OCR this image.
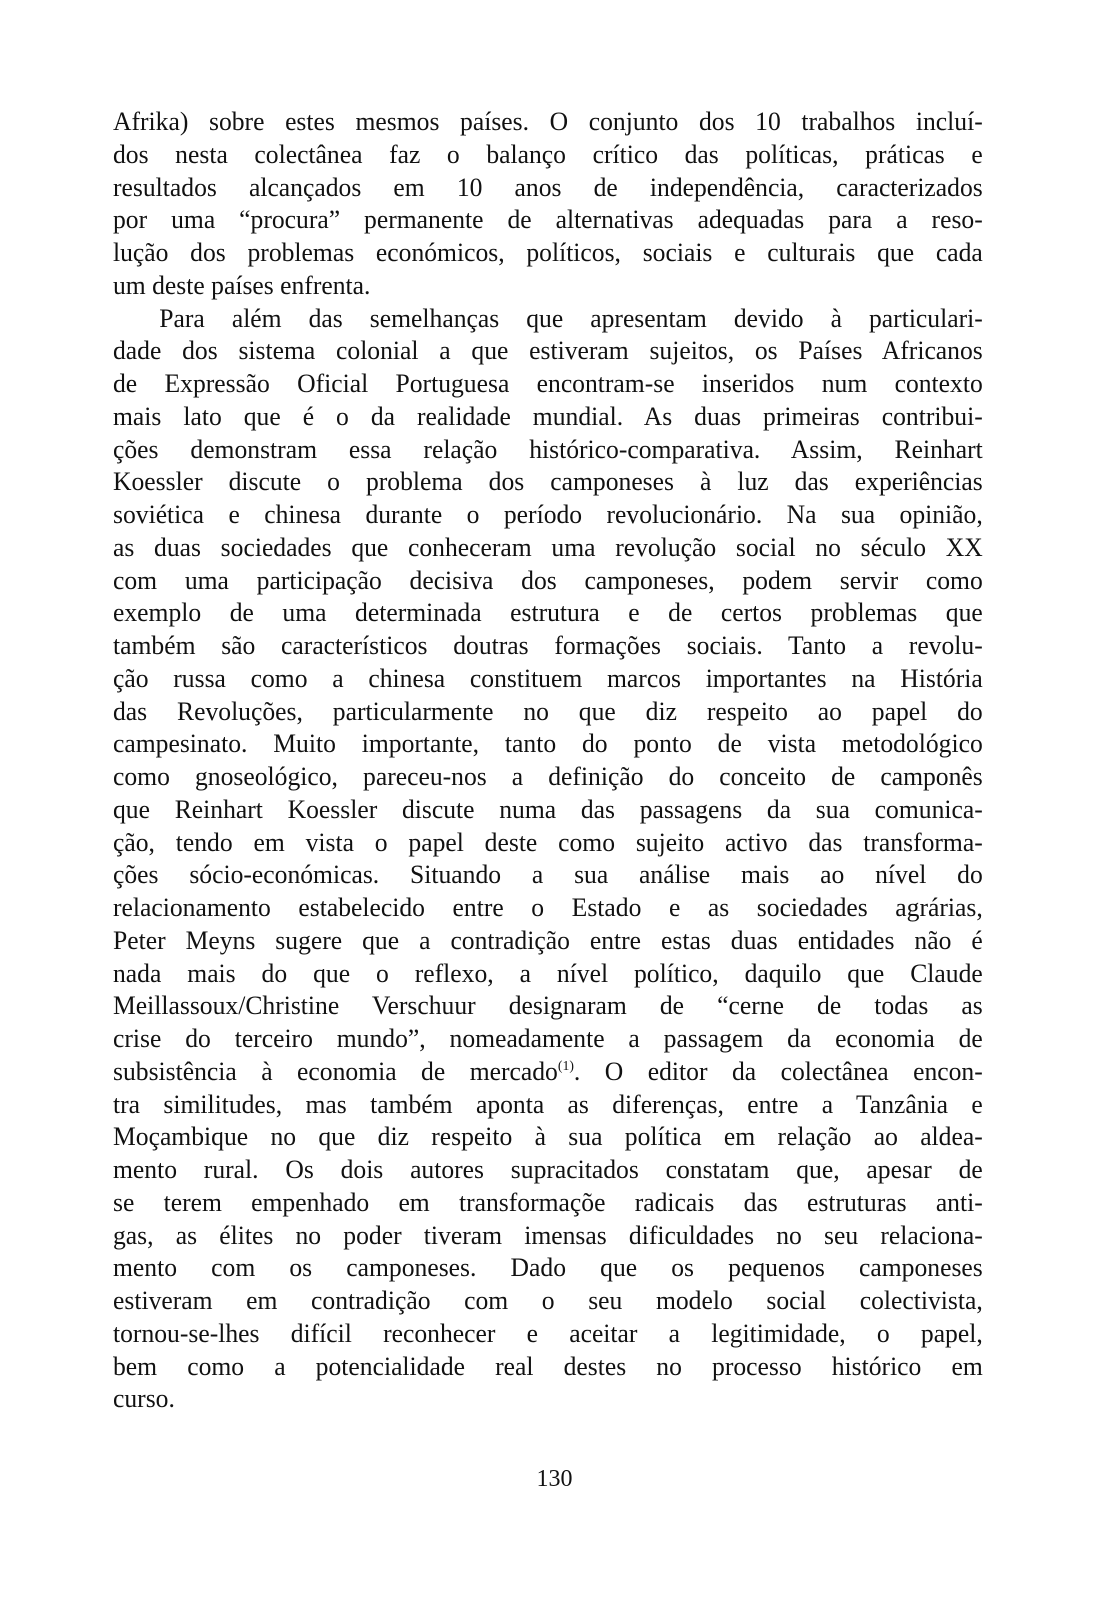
Afrika) sobre estes mesmos países. O conjunto dos 10 trabalhos incluí-
dos nesta colectânea faz o balanço crítico das políticas, práticas e
resultados alcançados em 10 anos de independência, caracterizados
por uma “procura” permanente de alternativas adequadas para a reso-
lução dos problemas económicos, políticos, sociais e culturais que cada
um deste países enfrenta.
Para além das semelhanças que apresentam devido à particulari-
dade dos sistema colonial a que estiveram sujeitos, os Países Africanos
de Expressão Oficial Portuguesa encontram-se inseridos num contexto
mais lato que é o da realidade mundial. As duas primeiras contribui-
ções demonstram essa relação histórico-comparativa. Assim, Reinhart
Koessler discute o problema dos camponeses à luz das experiências
soviética e chinesa durante o período revolucionário. Na sua opinião,
as duas sociedades que conheceram uma revolução social no século XX
com uma participação decisiva dos camponeses, podem servir como
exemplo de uma determinada estrutura e de certos problemas que
também são característicos doutras formações sociais. Tanto a revolu-
ção russa como a chinesa constituem marcos importantes na História
das Revoluções, particularmente no que diz respeito ao papel do
campesinato. Muito importante, tanto do ponto de vista metodológico
como gnoseológico, pareceu-nos a definição do conceito de camponês
que Reinhart Koessler discute numa das passagens da sua comunica-
ção, tendo em vista o papel deste como sujeito activo das transforma-
ções sócio-económicas. Situando a sua análise mais ao nível do
relacionamento estabelecido entre o Estado e as sociedades agrárias,
Peter Meyns sugere que a contradição entre estas duas entidades não é
nada mais do que o reflexo, a nível político, daquilo que Claude
Meillassoux/Christine Verschuur designaram de “cerne de todas as
crise do terceiro mundo”, nomeadamente a passagem da economia de
subsistência à economia de mercado$^{(1)}$. O editor da colectânea encon-
tra similitudes, mas também aponta as diferenças, entre a Tanzânia e
Moçambique no que diz respeito à sua política em relação ao aldea-
mento rural. Os dois autores supracitados constatam que, apesar de
se terem empenhado em transformaçõe radicais das estruturas anti-
gas, as élites no poder tiveram imensas dificuldades no seu relaciona-
mento com os camponeses. Dado que os pequenos camponeses
estiveram em contradição com o seu modelo social colectivista,
tornou-se-lhes difícil reconhecer e aceitar a legitimidade, o papel,
bem como a potencialidade real destes no processo histórico em
curso.
130
